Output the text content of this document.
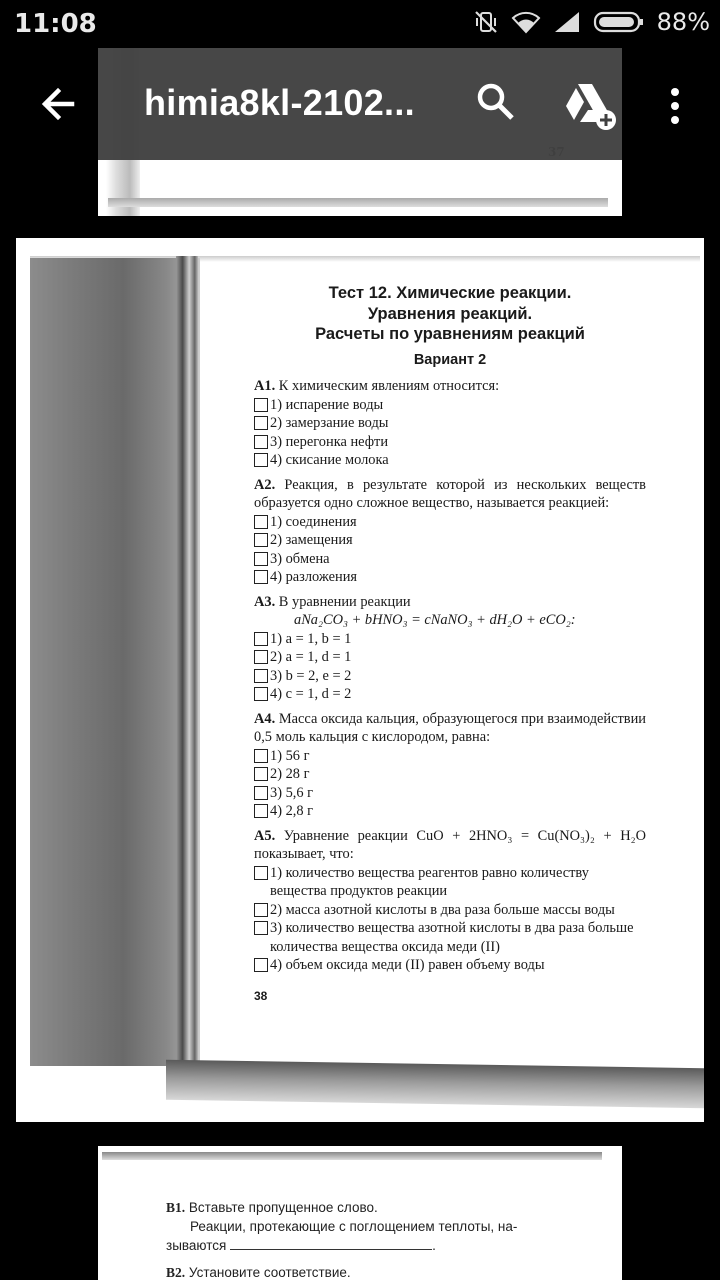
11:08	88%
himia8kl-2102...
Тест 12. Химические реакции.
Уравнения реакций.
Расчеты по уравнениям реакций
Вариант 2
А1. К химическим явлениям относится:
1) испарение воды
2) замерзание воды
3) перегонка нефти
4) скисание молока
А2. Реакция, в результате которой из нескольких веществ образуется одно сложное вещество, называется реакцией:
1) соединения
2) замещения
3) обмена
4) разложения
А3. В уравнении реакции
aNa₂CO₃ + bHNO₃ = cNaNO₃ + dH₂O + eCO₂:
1) a = 1, b = 1
2) a = 1, d = 1
3) b = 2, e = 2
4) c = 1, d = 2
А4. Масса оксида кальция, образующегося при взаимодействии 0,5 моль кальция с кислородом, равна:
1) 56 г
2) 28 г
3) 5,6 г
4) 2,8 г
А5. Уравнение реакции CuO + 2HNO₃ = Cu(NO₃)₂ + H₂O показывает, что:
1) количество вещества реагентов равно количеству вещества продуктов реакции
2) масса азотной кислоты в два раза больше массы воды
3) количество вещества азотной кислоты в два раза больше количества вещества оксида меди (II)
4) объем оксида меди (II) равен объему воды
38
В1. Вставьте пропущенное слово.
Реакции, протекающие с поглощением теплоты, на-
зываются	.
В2. Установите соответствие.
